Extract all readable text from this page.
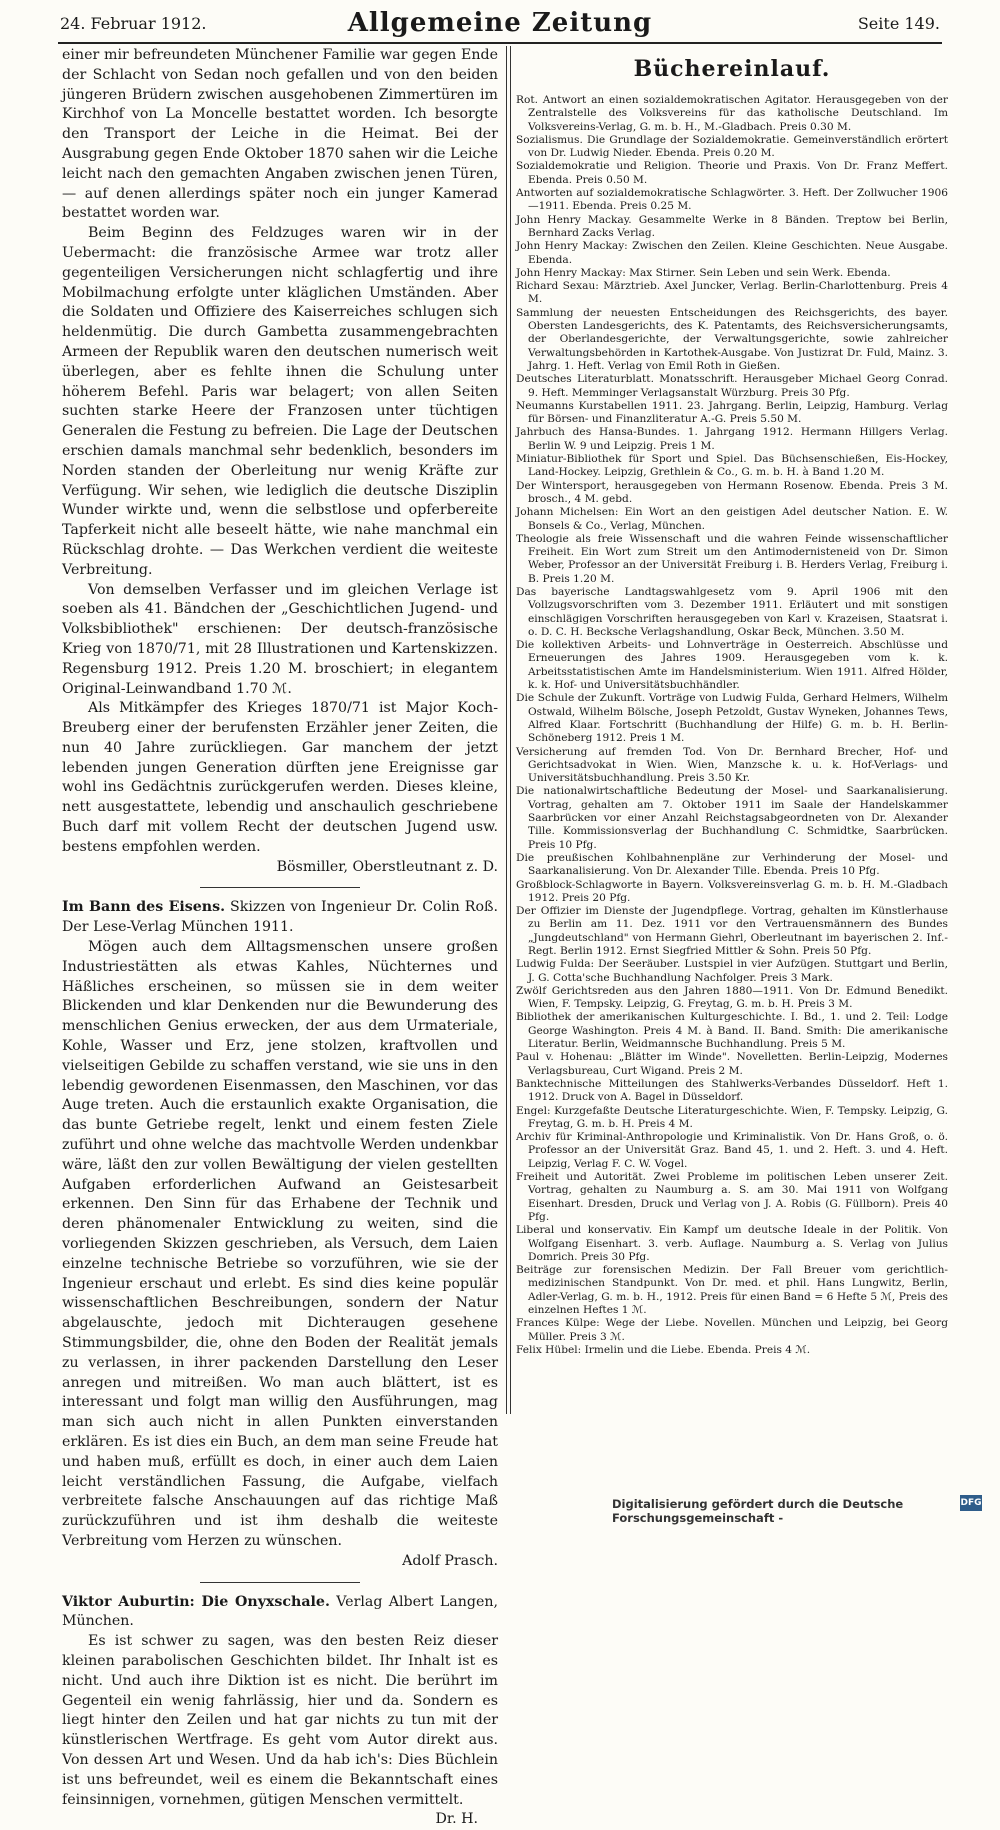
24. Februar 1912.	Allgemeine Zeitung	Seite 149.

einer mir befreundeten Münchener Familie war gegen Ende der Schlacht von Sedan noch gefallen und von den beiden jüngeren Brüdern zwischen ausgehobenen Zimmertüren im Kirchhof von La Moncelle bestattet worden. Ich besorgte den Transport der Leiche in die Heimat. Bei der Ausgrabung gegen Ende Oktober 1870 sahen wir die Leiche leicht nach den gemachten Angaben zwischen jenen Türen, — auf denen allerdings später noch ein junger Kamerad bestattet worden war.

Beim Beginn des Feldzuges waren wir in der Uebermacht: die französische Armee war trotz aller gegenteiligen Versicherungen nicht schlagfertig und ihre Mobilmachung erfolgte unter kläglichen Umständen. Aber die Soldaten und Offiziere des Kaiserreiches schlugen sich heldenmütig. Die durch Gambetta zusammengebrachten Armeen der Republik waren den deutschen numerisch weit überlegen, aber es fehlte ihnen die Schulung unter höherem Befehl. Paris war belagert; von allen Seiten suchten starke Heere der Franzosen unter tüchtigen Generalen die Festung zu befreien. Die Lage der Deutschen erschien damals manchmal sehr bedenklich, besonders im Norden standen der Oberleitung nur wenig Kräfte zur Verfügung. Wir sehen, wie lediglich die deutsche Disziplin Wunder wirkte und, wenn die selbstlose und opferbereite Tapferkeit nicht alle beseelt hätte, wie nahe manchmal ein Rückschlag drohte. — Das Werkchen verdient die weiteste Verbreitung.

Von demselben Verfasser und im gleichen Verlage ist soeben als 41. Bändchen der „Geschichtlichen Jugend- und Volksbibliothek" erschienen: Der deutsch-französische Krieg von 1870/71, mit 28 Illustrationen und Kartenskizzen. Regensburg 1912. Preis 1.20 M. broschiert; in elegantem Original-Leinwandband 1.70 ℳ.

Als Mitkämpfer des Krieges 1870/71 ist Major Koch-Breuberg einer der berufensten Erzähler jener Zeiten, die nun 40 Jahre zurückliegen. Gar manchem der jetzt lebenden jungen Generation dürften jene Ereignisse gar wohl ins Gedächtnis zurückgerufen werden. Dieses kleine, nett ausgestattete, lebendig und anschaulich geschriebene Buch darf mit vollem Recht der deutschen Jugend usw. bestens empfohlen werden.

Bösmiller, Oberstleutnant z. D.

Im Bann des Eisens. Skizzen von Ingenieur Dr. Colin Roß. Der Lese-Verlag München 1911.

Mögen auch dem Alltagsmenschen unsere großen Industriestätten als etwas Kahles, Nüchternes und Häßliches erscheinen, so müssen sie in dem weiter Blickenden und klar Denkenden nur die Bewunderung des menschlichen Genius erwecken, der aus dem Urmateriale, Kohle, Wasser und Erz, jene stolzen, kraftvollen und vielseitigen Gebilde zu schaffen verstand, wie sie uns in den lebendig gewordenen Eisenmassen, den Maschinen, vor das Auge treten. Auch die erstaunlich exakte Organisation, die das bunte Getriebe regelt, lenkt und einem festen Ziele zuführt und ohne welche das machtvolle Werden undenkbar wäre, läßt den zur vollen Bewältigung der vielen gestellten Aufgaben erforderlichen Aufwand an Geistesarbeit erkennen. Den Sinn für das Erhabene der Technik und deren phänomenaler Entwicklung zu weiten, sind die vorliegenden Skizzen geschrieben, als Versuch, dem Laien einzelne technische Betriebe so vorzuführen, wie sie der Ingenieur erschaut und erlebt. Es sind dies keine populär wissenschaftlichen Beschreibungen, sondern der Natur abgelauschte, jedoch mit Dichteraugen gesehene Stimmungsbilder, die, ohne den Boden der Realität jemals zu verlassen, in ihrer packenden Darstellung den Leser anregen und mitreißen. Wo man auch blättert, ist es interessant und folgt man willig den Ausführungen, mag man sich auch nicht in allen Punkten einverstanden erklären. Es ist dies ein Buch, an dem man seine Freude hat und haben muß, erfüllt es doch, in einer auch dem Laien leicht verständlichen Fassung, die Aufgabe, vielfach verbreitete falsche Anschauungen auf das richtige Maß zurückzuführen und ist ihm deshalb die weiteste Verbreitung vom Herzen zu wünschen.

Adolf Prasch.

Viktor Auburtin: Die Onyxschale. Verlag Albert Langen, München.

Es ist schwer zu sagen, was den besten Reiz dieser kleinen parabolischen Geschichten bildet. Ihr Inhalt ist es nicht. Und auch ihre Diktion ist es nicht. Die berührt im Gegenteil ein wenig fahrlässig, hier und da. Sondern es liegt hinter den Zeilen und hat gar nichts zu tun mit der künstlerischen Wertfrage. Es geht vom Autor direkt aus. Von dessen Art und Wesen. Und da hab ich's: Dies Büchlein ist uns befreundet, weil es einem die Bekanntschaft eines feinsinnigen, vornehmen, gütigen Menschen vermittelt.

Dr. H.
Büchereinlauf.

Rot. Antwort an einen sozialdemokratischen Agitator. Herausgegeben von der Zentralstelle des Volksvereins für das katholische Deutschland. Im Volksvereins-Verlag, G. m. b. H., M.-Gladbach. Preis 0.30 M.

Sozialismus. Die Grundlage der Sozialdemokratie. Gemeinverständlich erörtert von Dr. Ludwig Nieder. Ebenda. Preis 0.20 M.

Sozialdemokratie und Religion. Theorie und Praxis. Von Dr. Franz Meffert. Ebenda. Preis 0.50 M.

Antworten auf sozialdemokratische Schlagwörter. 3. Heft. Der Zollwucher 1906—1911. Ebenda. Preis 0.25 M.

John Henry Mackay. Gesammelte Werke in 8 Bänden. Treptow bei Berlin, Bernhard Zacks Verlag.

John Henry Mackay: Zwischen den Zeilen. Kleine Geschichten. Neue Ausgabe. Ebenda.

John Henry Mackay: Max Stirner. Sein Leben und sein Werk. Ebenda.

Richard Sexau: Märztrieb. Axel Juncker, Verlag. Berlin-Charlottenburg. Preis 4 M.

Sammlung der neuesten Entscheidungen des Reichsgerichts, des bayer. Obersten Landesgerichts, des K. Patentamts, des Reichsversicherungsamts, der Oberlandesgerichte, der Verwaltungsgerichte, sowie zahlreicher Verwaltungsbehörden in Kartothek-Ausgabe. Von Justizrat Dr. Fuld, Mainz. 3. Jahrg. 1. Heft. Verlag von Emil Roth in Gießen.

Deutsches Literaturblatt. Monatsschrift. Herausgeber Michael Georg Conrad. 9. Heft. Memminger Verlagsanstalt Würzburg. Preis 30 Pfg.

Neumanns Kurstabellen 1911. 23. Jahrgang. Berlin, Leipzig, Hamburg. Verlag für Börsen- und Finanzliteratur A.-G. Preis 5.50 M.

Jahrbuch des Hansa-Bundes. 1. Jahrgang 1912. Hermann Hillgers Verlag. Berlin W. 9 und Leipzig. Preis 1 M.

Miniatur-Bibliothek für Sport und Spiel. Das Büchsenschießen, Eis-Hockey, Land-Hockey. Leipzig, Grethlein & Co., G. m. b. H. à Band 1.20 M.

Der Wintersport, herausgegeben von Hermann Rosenow. Ebenda. Preis 3 M. brosch., 4 M. gebd.

Johann Michelsen: Ein Wort an den geistigen Adel deutscher Nation. E. W. Bonsels & Co., Verlag, München.

Theologie als freie Wissenschaft und die wahren Feinde wissenschaftlicher Freiheit. Ein Wort zum Streit um den Antimodernisteneid von Dr. Simon Weber, Professor an der Universität Freiburg i. B. Herders Verlag, Freiburg i. B. Preis 1.20 M.

Das bayerische Landtagswahlgesetz vom 9. April 1906 mit den Vollzugsvorschriften vom 3. Dezember 1911. Erläutert und mit sonstigen einschlägigen Vorschriften herausgegeben von Karl v. Krazeisen, Staatsrat i. o. D. C. H. Becksche Verlagshandlung, Oskar Beck, München. 3.50 M.

Die kollektiven Arbeits- und Lohnverträge in Oesterreich. Abschlüsse und Erneuerungen des Jahres 1909. Herausgegeben vom k. k. Arbeitsstatistischen Amte im Handelsministerium. Wien 1911. Alfred Hölder, k. k. Hof- und Universitätsbuchhändler.

Die Schule der Zukunft. Vorträge von Ludwig Fulda, Gerhard Helmers, Wilhelm Ostwald, Wilhelm Bölsche, Joseph Petzoldt, Gustav Wyneken, Johannes Tews, Alfred Klaar. Fortschritt (Buchhandlung der Hilfe) G. m. b. H. Berlin-Schöneberg 1912. Preis 1 M.

Versicherung auf fremden Tod. Von Dr. Bernhard Brecher, Hof- und Gerichtsadvokat in Wien. Wien, Manzsche k. u. k. Hof-Verlags- und Universitätsbuchhandlung. Preis 3.50 Kr.

Die nationalwirtschaftliche Bedeutung der Mosel- und Saarkanalisierung. Vortrag, gehalten am 7. Oktober 1911 im Saale der Handelskammer Saarbrücken vor einer Anzahl Reichstagsabgeordneten von Dr. Alexander Tille. Kommissionsverlag der Buchhandlung C. Schmidtke, Saarbrücken. Preis 10 Pfg.

Die preußischen Kohlbahnenpläne zur Verhinderung der Mosel- und Saarkanalisierung. Von Dr. Alexander Tille. Ebenda. Preis 10 Pfg.

Großblock-Schlagworte in Bayern. Volksvereinsverlag G. m. b. H. M.-Gladbach 1912. Preis 20 Pfg.

Der Offizier im Dienste der Jugendpflege. Vortrag, gehalten im Künstlerhause zu Berlin am 11. Dez. 1911 vor den Vertrauensmännern des Bundes „Jungdeutschland" von Hermann Giehrl, Oberleutnant im bayerischen 2. Inf.-Regt. Berlin 1912. Ernst Siegfried Mittler & Sohn. Preis 50 Pfg.

Ludwig Fulda: Der Seeräuber. Lustspiel in vier Aufzügen. Stuttgart und Berlin, J. G. Cotta'sche Buchhandlung Nachfolger. Preis 3 Mark.

Zwölf Gerichtsreden aus den Jahren 1880—1911. Von Dr. Edmund Benedikt. Wien, F. Tempsky. Leipzig, G. Freytag, G. m. b. H. Preis 3 M.

Bibliothek der amerikanischen Kulturgeschichte. I. Bd., 1. und 2. Teil: Lodge George Washington. Preis 4 M. à Band. II. Band. Smith: Die amerikanische Literatur. Berlin, Weidmannsche Buchhandlung. Preis 5 M.

Paul v. Hohenau: „Blätter im Winde". Novelletten. Berlin-Leipzig, Modernes Verlagsbureau, Curt Wigand. Preis 2 M.

Banktechnische Mitteilungen des Stahlwerks-Verbandes Düsseldorf. Heft 1. 1912. Druck von A. Bagel in Düsseldorf.

Engel: Kurzgefaßte Deutsche Literaturgeschichte. Wien, F. Tempsky. Leipzig, G. Freytag, G. m. b. H. Preis 4 M.

Archiv für Kriminal-Anthropologie und Kriminalistik. Von Dr. Hans Groß, o. ö. Professor an der Universität Graz. Band 45, 1. und 2. Heft. 3. und 4. Heft. Leipzig, Verlag F. C. W. Vogel.

Freiheit und Autorität. Zwei Probleme im politischen Leben unserer Zeit. Vortrag, gehalten zu Naumburg a. S. am 30. Mai 1911 von Wolfgang Eisenhart. Dresden, Druck und Verlag von J. A. Robis (G. Füllborn). Preis 40 Pfg.

Liberal und konservativ. Ein Kampf um deutsche Ideale in der Politik. Von Wolfgang Eisenhart. 3. verb. Auflage. Naumburg a. S. Verlag von Julius Domrich. Preis 30 Pfg.

Beiträge zur forensischen Medizin. Der Fall Breuer vom gerichtlich-medizinischen Standpunkt. Von Dr. med. et phil. Hans Lungwitz, Berlin, Adler-Verlag, G. m. b. H., 1912. Preis für einen Band = 6 Hefte 5 ℳ, Preis des einzelnen Heftes 1 ℳ.

Frances Külpe: Wege der Liebe. Novellen. München und Leipzig, bei Georg Müller. Preis 3 ℳ.

Felix Hübel: Irmelin und die Liebe. Ebenda. Preis 4 ℳ.

Digitalisierung gefördert durch die Deutsche Forschungsgemeinschaft -
DFG
